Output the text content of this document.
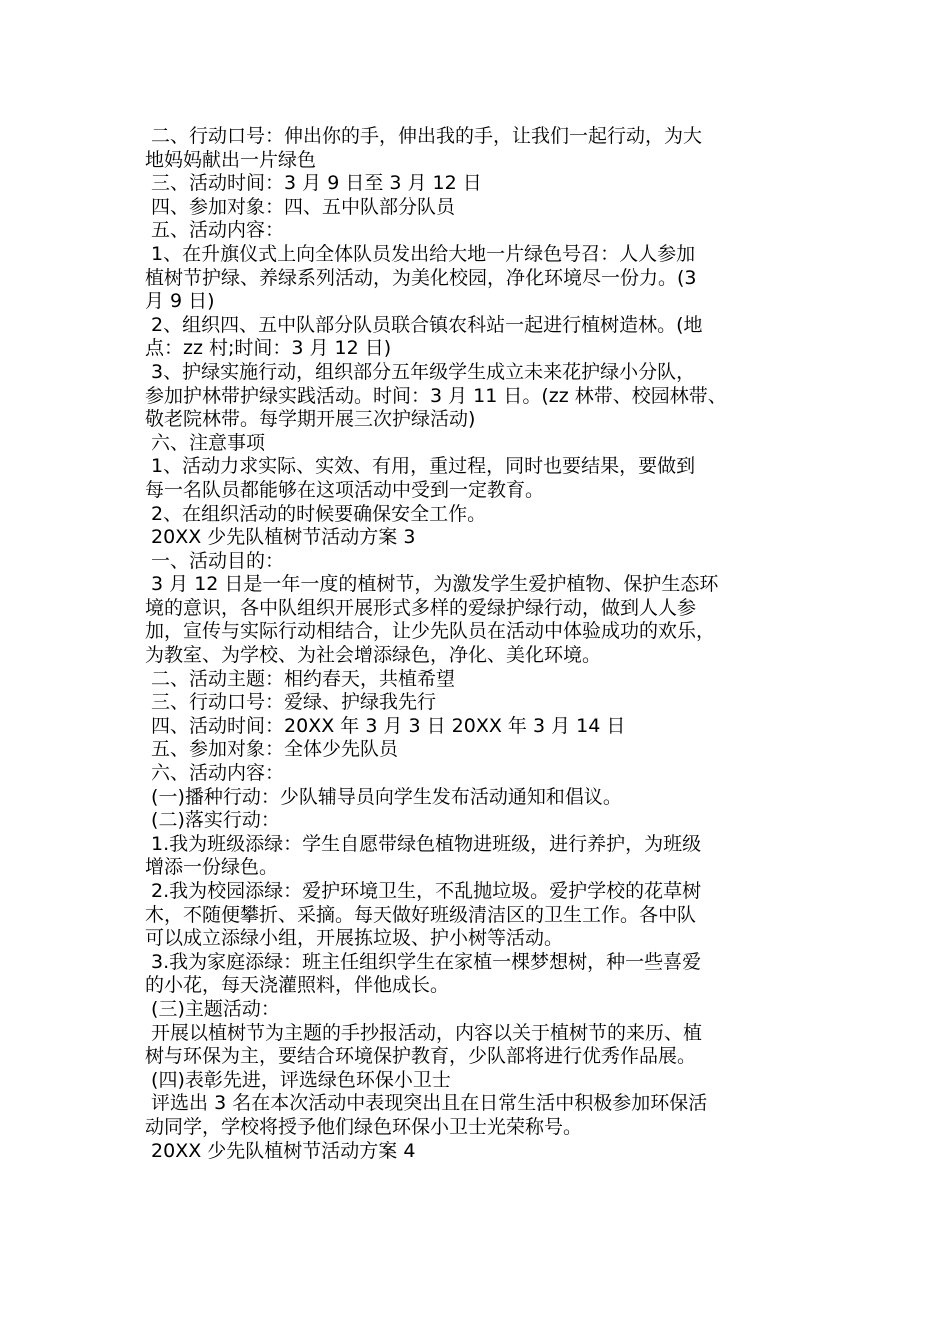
二、行动口号：伸出你的手，伸出我的手，让我们一起行动，为大

地妈妈献出一片绿色

三、活动时间：3 月 9 日至 3 月 12 日

四、参加对象：四、五中队部分队员

五、活动内容：

1、在升旗仪式上向全体队员发出给大地一片绿色号召：人人参加

植树节护绿、养绿系列活动，为美化校园，净化环境尽一份力。(3

月 9 日)

2、组织四、五中队部分队员联合镇农科站一起进行植树造林。(地

点：zz 村;时间：3 月 12 日)

3、护绿实施行动，组织部分五年级学生成立未来花护绿小分队，

参加护林带护绿实践活动。时间：3 月 11 日。(zz 林带、校园林带、

敬老院林带。每学期开展三次护绿活动)

六、注意事项

1、活动力求实际、实效、有用，重过程，同时也要结果，要做到

每一名队员都能够在这项活动中受到一定教育。

2、在组织活动的时候要确保安全工作。

20XX 少先队植树节活动方案 3

一、活动目的：

3 月 12 日是一年一度的植树节，为激发学生爱护植物、保护生态环

境的意识，各中队组织开展形式多样的爱绿护绿行动，做到人人参

加，宣传与实际行动相结合，让少先队员在活动中体验成功的欢乐，

为教室、为学校、为社会增添绿色，净化、美化环境。

二、活动主题：相约春天，共植希望

三、行动口号：爱绿、护绿我先行

四、活动时间：20XX 年 3 月 3 日 20XX 年 3 月 14 日

五、参加对象：全体少先队员

六、活动内容：

(一)播种行动：少队辅导员向学生发布活动通知和倡议。

(二)落实行动：

1.我为班级添绿：学生自愿带绿色植物进班级，进行养护，为班级

增添一份绿色。

2.我为校园添绿：爱护环境卫生，不乱抛垃圾。爱护学校的花草树

木，不随便攀折、采摘。每天做好班级清洁区的卫生工作。各中队

可以成立添绿小组，开展拣垃圾、护小树等活动。

3.我为家庭添绿：班主任组织学生在家植一棵梦想树，种一些喜爱

的小花，每天浇灌照料，伴他成长。

(三)主题活动：

开展以植树节为主题的手抄报活动，内容以关于植树节的来历、植

树与环保为主，要结合环境保护教育，少队部将进行优秀作品展。

(四)表彰先进，评选绿色环保小卫士

评选出 3 名在本次活动中表现突出且在日常生活中积极参加环保活

动同学，学校将授予他们绿色环保小卫士光荣称号。

20XX 少先队植树节活动方案 4
